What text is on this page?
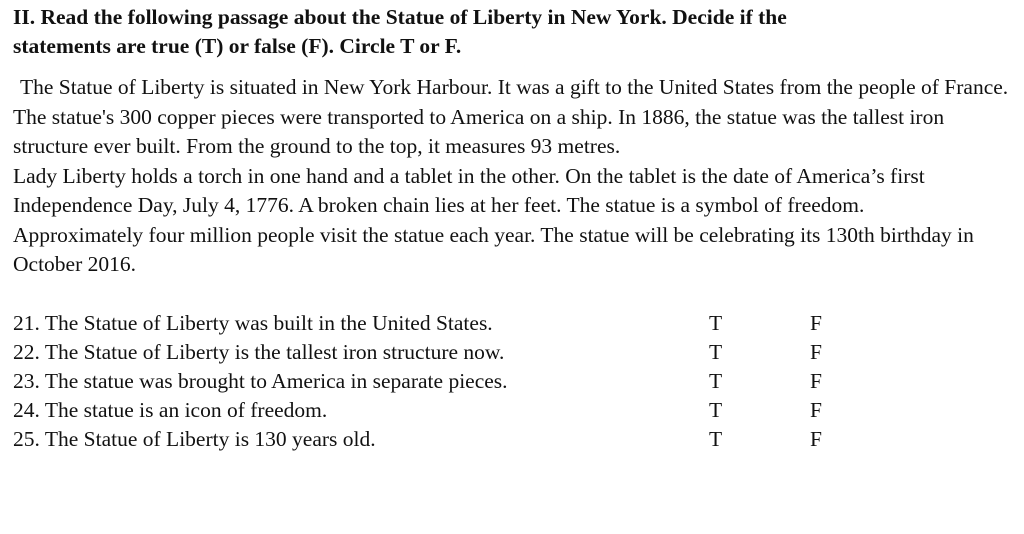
II. Read the following passage about the Statue of Liberty in New York. Decide if the
statements are true (T) or false (F). Circle T or F.

The Statue of Liberty is situated in New York Harbour. It was a gift to the United States from the people of France. The statue's 300 copper pieces were transported to America on a ship. In 1886, the statue was the tallest iron structure ever built. From the ground to the top, it measures 93 metres.

Lady Liberty holds a torch in one hand and a tablet in the other. On the tablet is the date of America’s first Independence Day, July 4, 1776. A broken chain lies at her feet. The statue is a symbol of freedom.

Approximately four million people visit the statue each year. The statue will be celebrating its 130th birthday in October 2016.

21. The Statue of Liberty was built in the United States.	T	F
22. The Statue of Liberty is the tallest iron structure now.	T	F
23. The statue was brought to America in separate pieces.	T	F
24. The statue is an icon of freedom.	T	F
25. The Statue of Liberty is 130 years old.	T	F
